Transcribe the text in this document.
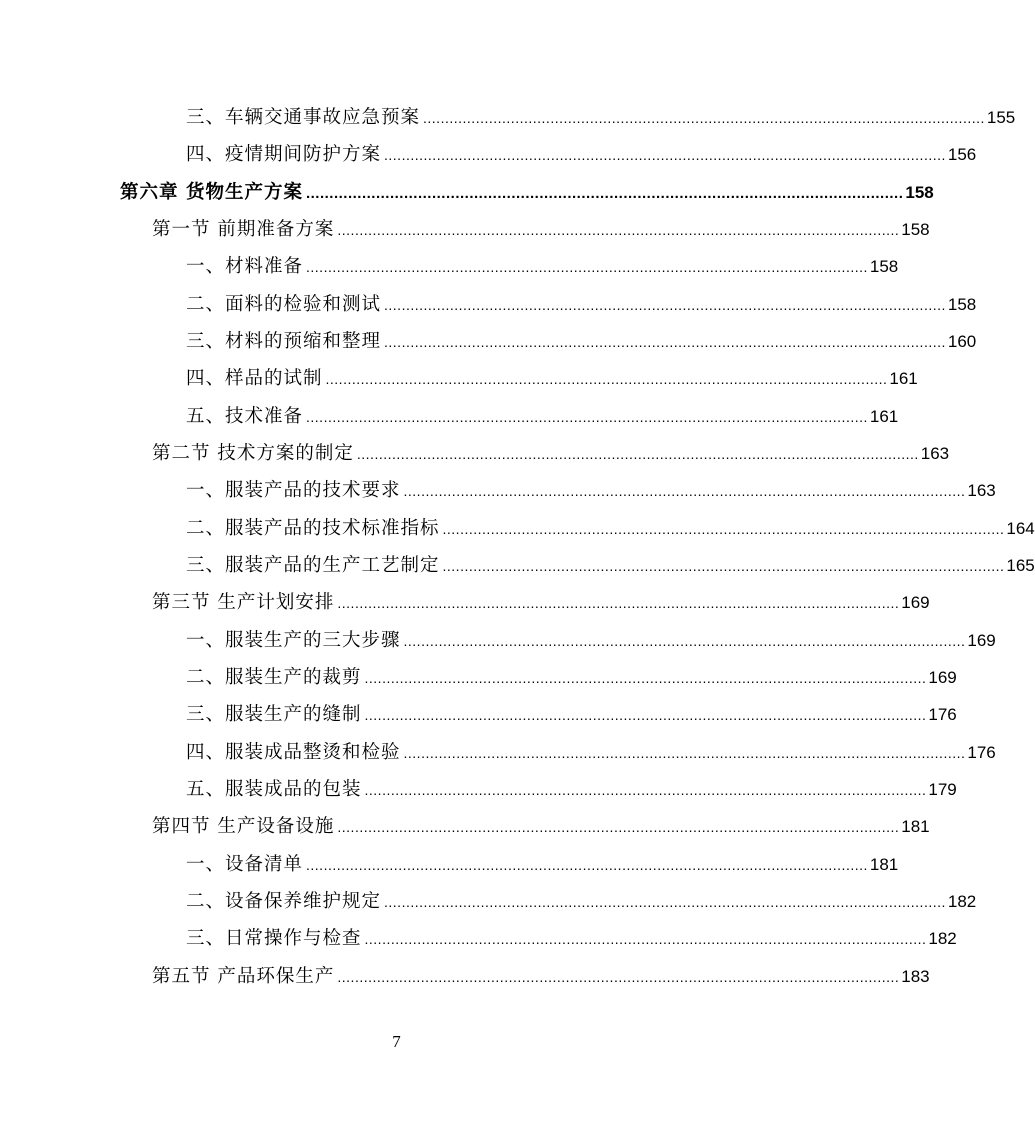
三、车辆交通事故应急预案 ................................................................................................................................ 155
四、疫情期间防护方案 ................................................................................................................................ 156
第六章 货物生产方案 ................................................................................................................................ 158
第一节 前期准备方案 ................................................................................................................................ 158
一、材料准备 ................................................................................................................................ 158
二、面料的检验和测试 ................................................................................................................................ 158
三、材料的预缩和整理 ................................................................................................................................ 160
四、样品的试制 ................................................................................................................................ 161
五、技术准备 ................................................................................................................................ 161
第二节 技术方案的制定 ................................................................................................................................ 163
一、服装产品的技术要求 ................................................................................................................................ 163
二、服装产品的技术标准指标 ................................................................................................................................ 164
三、服装产品的生产工艺制定 ................................................................................................................................ 165
第三节 生产计划安排 ................................................................................................................................ 169
一、服装生产的三大步骤 ................................................................................................................................ 169
二、服装生产的裁剪 ................................................................................................................................ 169
三、服装生产的缝制 ................................................................................................................................ 176
四、服装成品整烫和检验 ................................................................................................................................ 176
五、服装成品的包装 ................................................................................................................................ 179
第四节 生产设备设施 ................................................................................................................................ 181
一、设备清单 ................................................................................................................................ 181
二、设备保养维护规定 ................................................................................................................................ 182
三、日常操作与检查 ................................................................................................................................ 182
第五节 产品环保生产 ................................................................................................................................ 183
7
